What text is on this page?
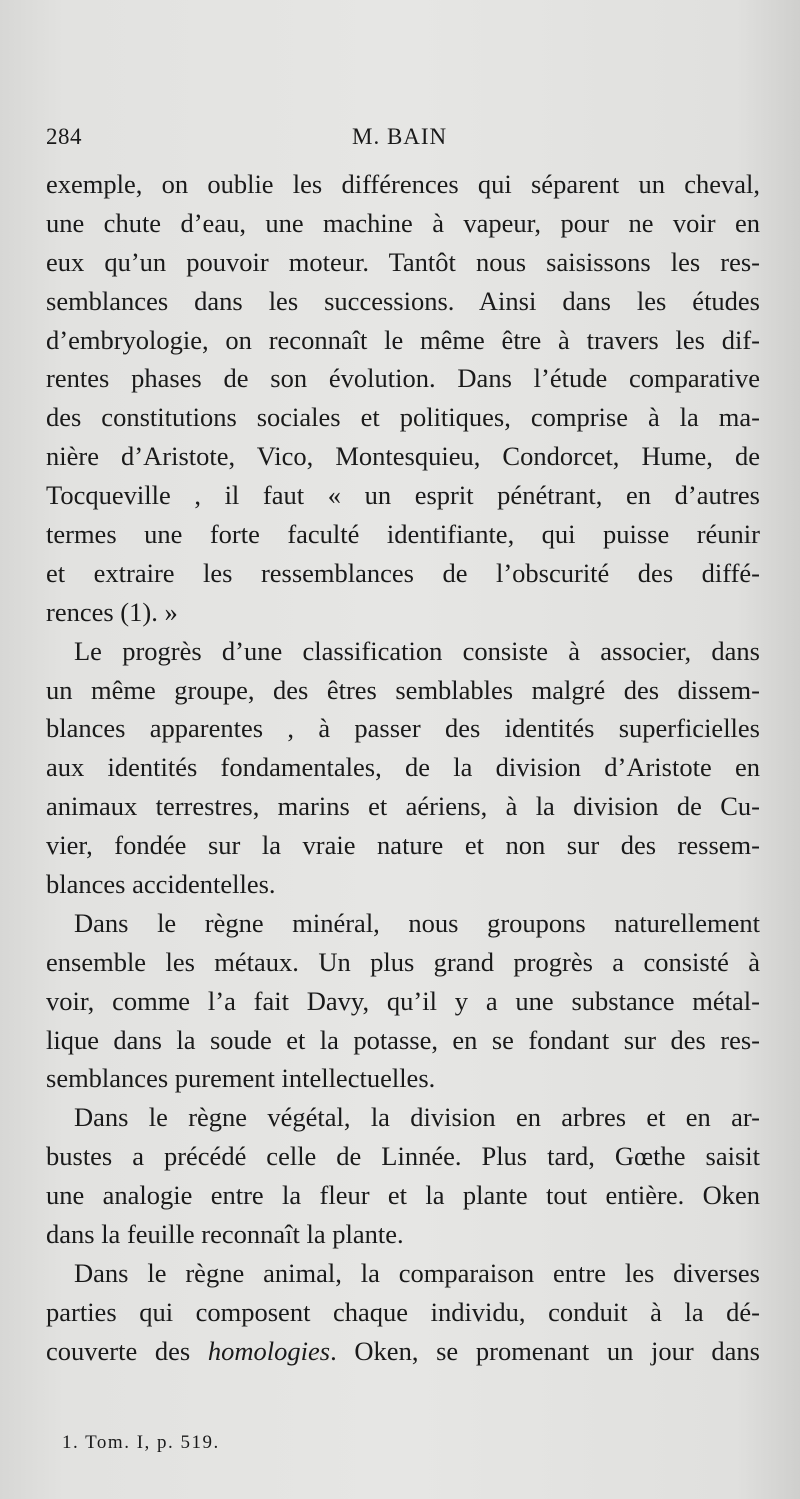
284	M. BAIN
exemple, on oublie les différences qui séparent un cheval,
une chute d’eau, une machine à vapeur, pour ne voir en
eux qu’un pouvoir moteur. Tantôt nous saisissons les res-
semblances dans les successions. Ainsi dans les études
d’embryologie, on reconnaît le même être à travers les dif-
rentes phases de son évolution. Dans l’étude comparative
des constitutions sociales et politiques, comprise à la ma-
nière d’Aristote, Vico, Montesquieu, Condorcet, Hume, de
Tocqueville , il faut « un esprit pénétrant, en d’autres
termes une forte faculté identifiante, qui puisse réunir
et extraire les ressemblances de l’obscurité des diffé-
rences (1). »
Le progrès d’une classification consiste à associer, dans
un même groupe, des êtres semblables malgré des dissem-
blances apparentes , à passer des identités superficielles
aux identités fondamentales, de la division d’Aristote en
animaux terrestres, marins et aériens, à la division de Cu-
vier, fondée sur la vraie nature et non sur des ressem-
blances accidentelles.
Dans le règne minéral, nous groupons naturellement
ensemble les métaux. Un plus grand progrès a consisté à
voir, comme l’a fait Davy, qu’il y a une substance métal-
lique dans la soude et la potasse, en se fondant sur des res-
semblances purement intellectuelles.
Dans le règne végétal, la division en arbres et en ar-
bustes a précédé celle de Linnée. Plus tard, Gœthe saisit
une analogie entre la fleur et la plante tout entière. Oken
dans la feuille reconnaît la plante.
Dans le règne animal, la comparaison entre les diverses
parties qui composent chaque individu, conduit à la dé-
couverte des homologies. Oken, se promenant un jour dans
1. Tom. I, p. 519.
